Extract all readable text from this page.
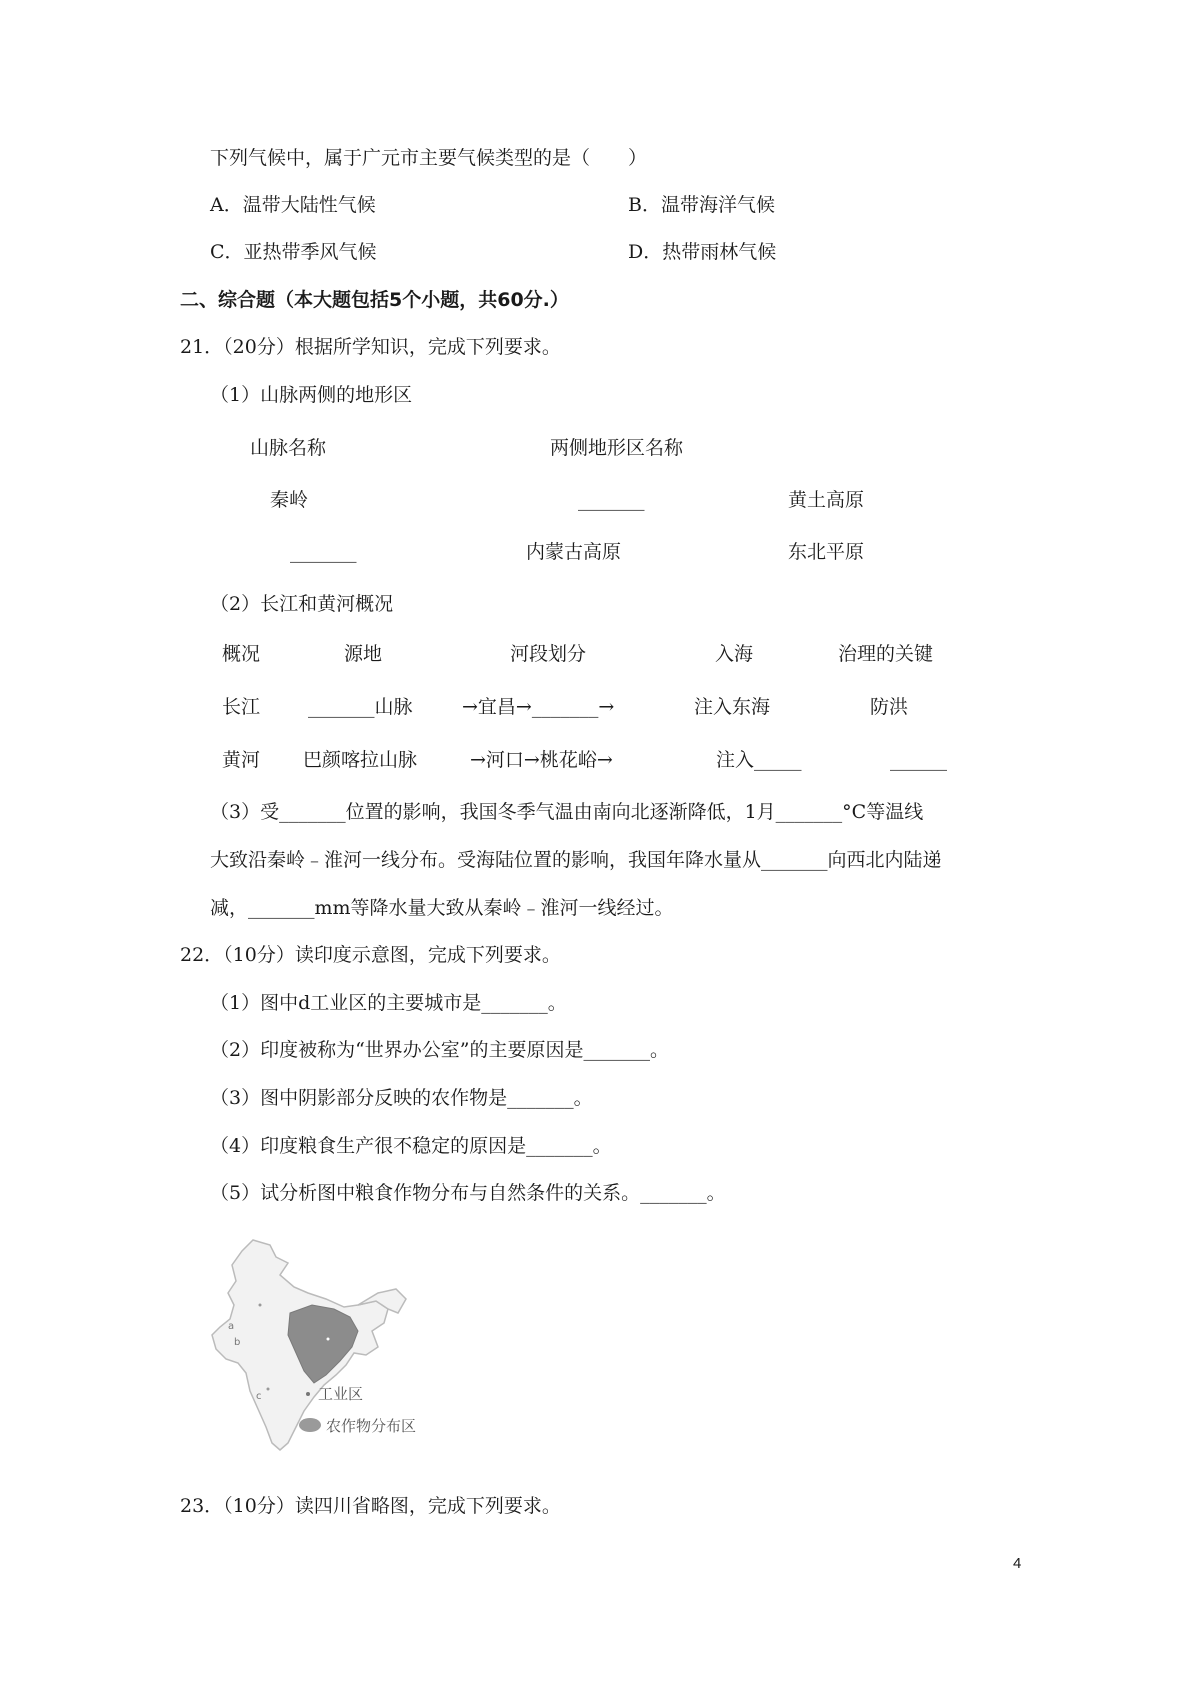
下列气候中，属于广元市主要气候类型的是（　　）
A．温带大陆性气候	B．温带海洋气候
C．亚热带季风气候	D．热带雨林气候
二、综合题（本大题包括5个小题，共60分.）
21．（20分）根据所学知识，完成下列要求。
（1）山脉两侧的地形区
山脉名称	两侧地形区名称
秦岭	_______	黄土高原
_______	内蒙古高原	东北平原
（2）长江和黄河概况
概况	源地	河段划分	入海	治理的关键
长江	_______山脉	→宜昌→_______→	注入东海	防洪
黄河 巴颜喀拉山脉	→河口→桃花峪→	注入_____	______
（3）受_______位置的影响，我国冬季气温由南向北逐渐降低，1月_______°C等温线
大致沿秦岭﹣淮河一线分布。受海陆位置的影响，我国年降水量从_______向西北内陆递
减，_______mm等降水量大致从秦岭﹣淮河一线经过。
22．（10分）读印度示意图，完成下列要求。
（1）图中d工业区的主要城市是_______。
（2）印度被称为“世界办公室”的主要原因是_______。
（3）图中阴影部分反映的农作物是_______。
（4）印度粮食生产很不稳定的原因是_______。
（5）试分析图中粮食作物分布与自然条件的关系。_______。
a
b
c	工业区
农作物分布区
23．（10分）读四川省略图，完成下列要求。
4
